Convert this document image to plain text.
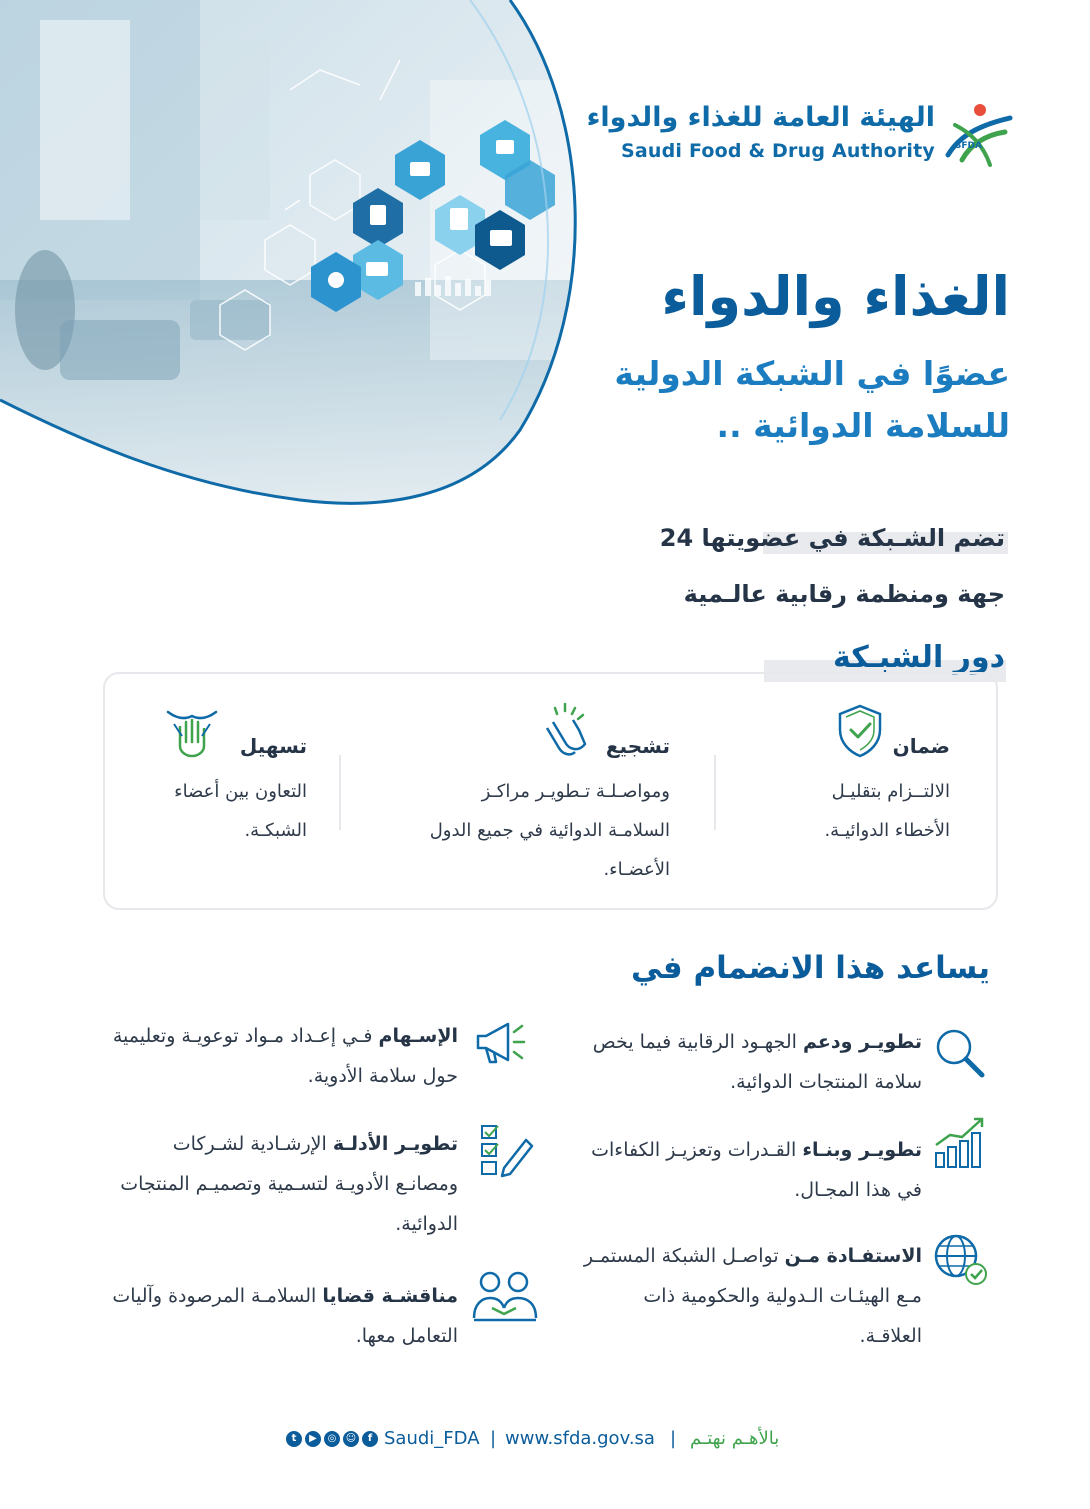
الهيئة العامة للغذاء والدواء
Saudi Food & Drug Authority SFDA
الغذاء والدواء
عضوًا في الشبكة الدولية للسلامة الدوائية ..
تضم الشـبكة في عضويتها 24
جهة ومنظمة رقابية عالـمية
دور الشبـكة
ضمان
الالتــزام بتقليـل الأخطاء الدوائيـة.
تشجيع
ومواصـلـة تـطويـر مراكـز السلامـة الدوائية في جميع الدول الأعضـاء.
تسهيل
التعاون بين أعضاء الشبكـة.
يساعد هذا الانضمام في
تطويـر ودعم الجهـود الرقابية فيما يخص سلامة المنتجات الدوائية.
تطويـر وبنـاء القـدرات وتعزيـز الكفاءات في هذا المجـال.
الاستفـادة مـن تواصـل الشبكة المستمـر مـع الهيئـات الـدولية والحكومية ذات العلاقـة.
الإسـهام فـي إعـداد مـواد توعويـة وتعليمية حول سلامة الأدوية.
تطويـر الأدلـة الإرشـادية لشـركات ومصانـع الأدويـة لتسـمية وتصميـم المنتجات الدوائية.
مناقشـة قضايا السلامـة المرصودة وآليات التعامل معها.
بالأهـم نهتـم
|
www.sfda.gov.sa
|
Saudi_FDA
f
☺
◎
▶
t
